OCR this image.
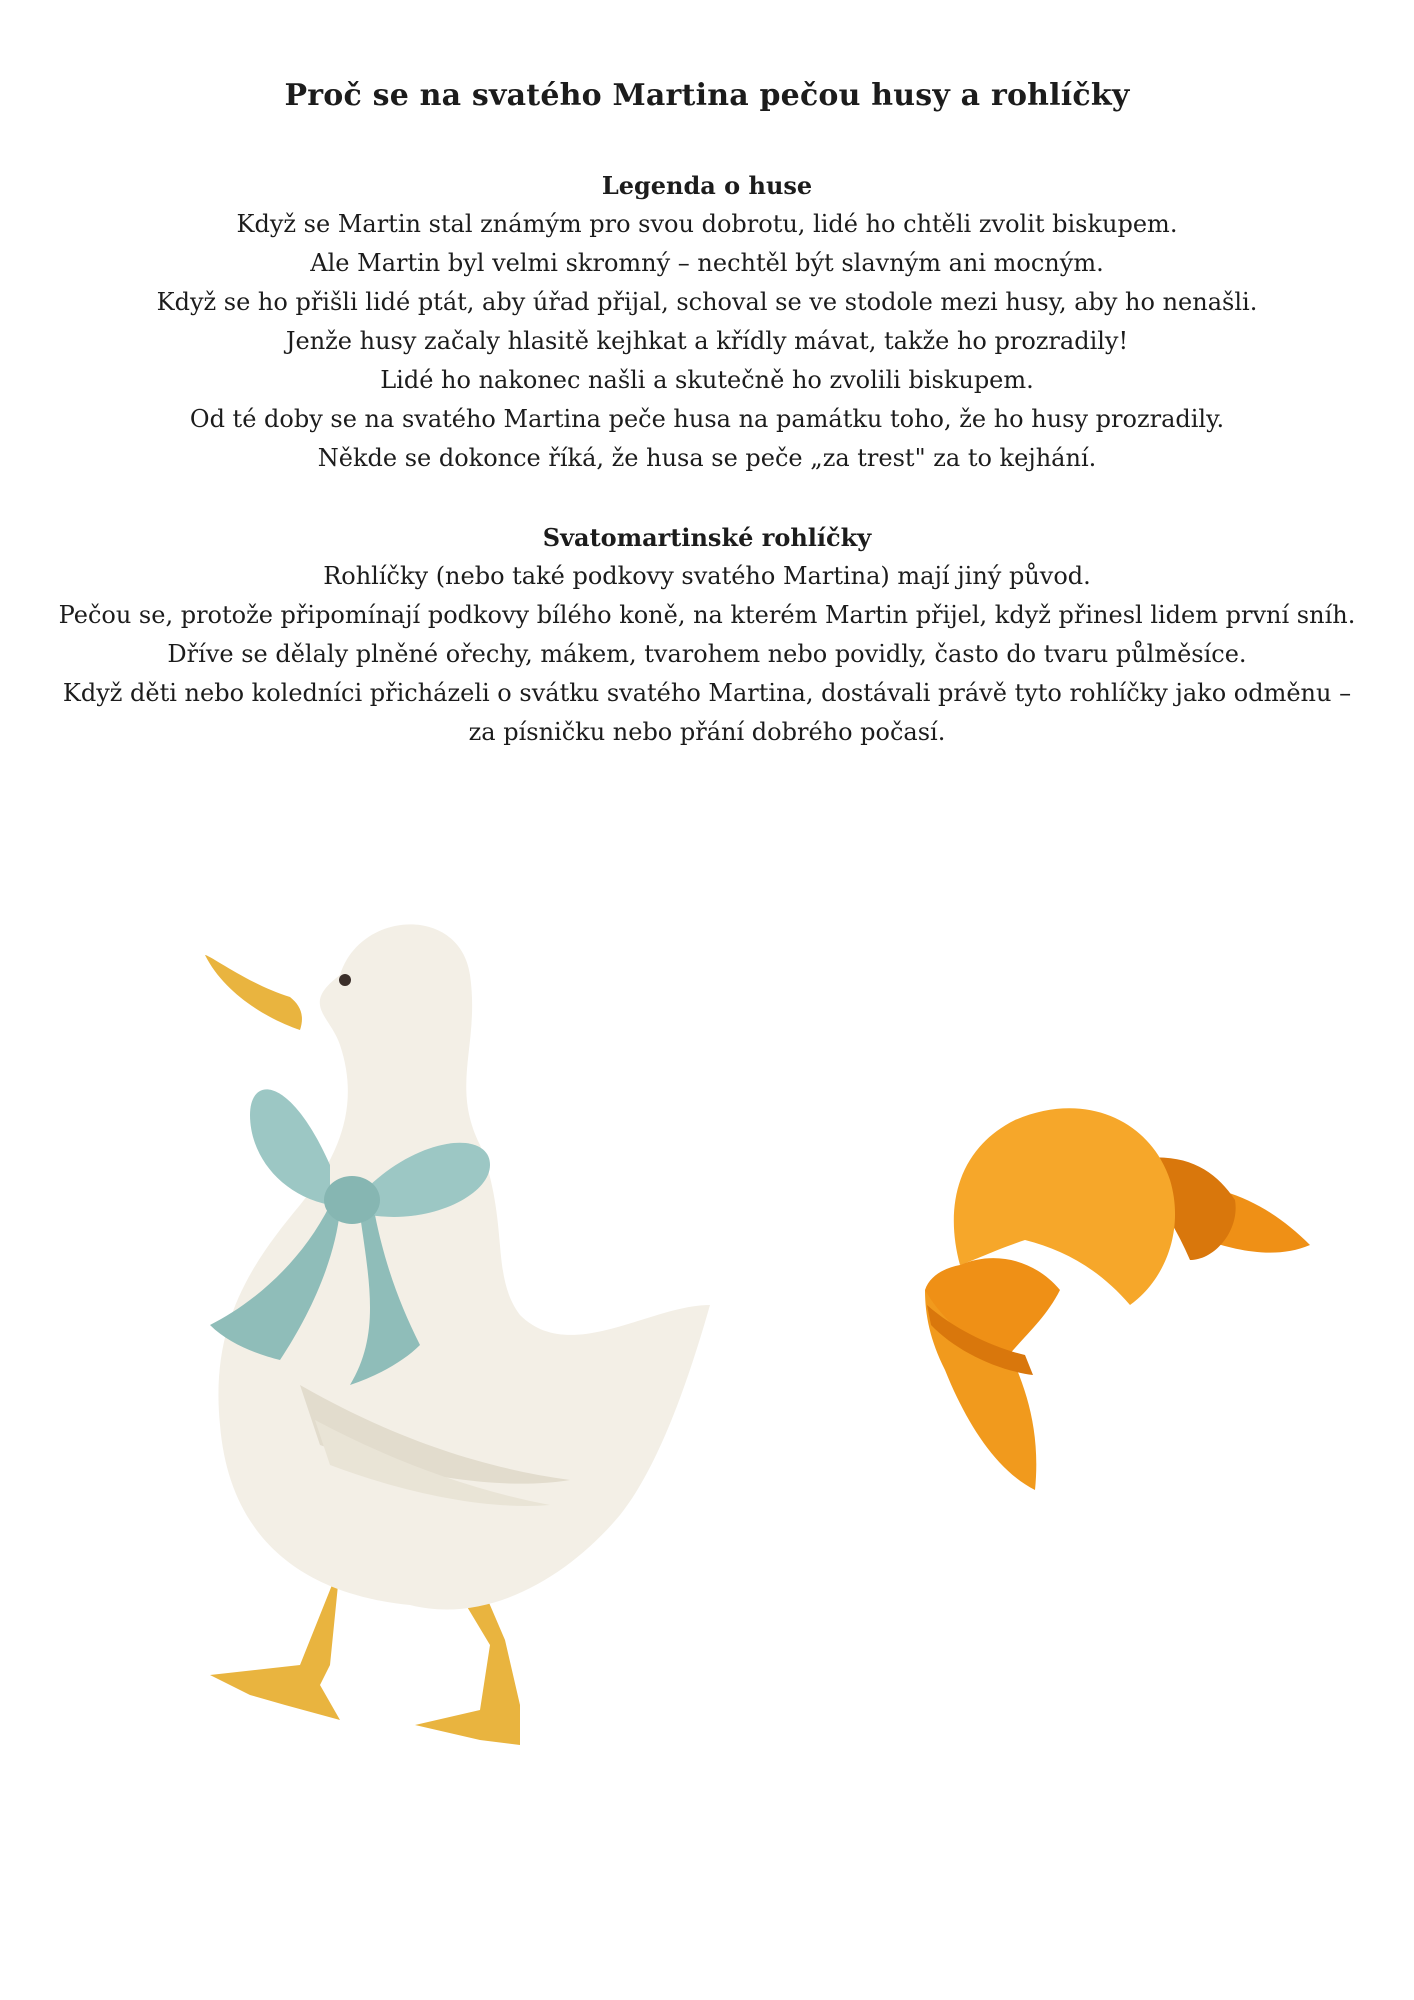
Proč se na svatého Martina pečou husy a rohlíčky
Legenda o huse
Když se Martin stal známým pro svou dobrotu, lidé ho chtěli zvolit biskupem.
Ale Martin byl velmi skromný – nechtěl být slavným ani mocným.
Když se ho přišli lidé ptát, aby úřad přijal, schoval se ve stodole mezi husy, aby ho nenašli.
Jenže husy začaly hlasitě kejhkat a křídly mávat, takže ho prozradily!
Lidé ho nakonec našli a skutečně ho zvolili biskupem.
Od té doby se na svatého Martina peče husa na památku toho, že ho husy prozradily.
Někde se dokonce říká, že husa se peče „za trest" za to kejhání.
Svatomartinské rohlíčky
Rohlíčky (nebo také podkovy svatého Martina) mají jiný původ.
Pečou se, protože připomínají podkovy bílého koně, na kterém Martin přijel, když přinesl lidem první sníh.
Dříve se dělaly plněné ořechy, mákem, tvarohem nebo povidly, často do tvaru půlměsíce.
Když děti nebo koledníci přicházeli o svátku svatého Martina, dostávali právě tyto rohlíčky jako odměnu –
za písničku nebo přání dobrého počasí.
